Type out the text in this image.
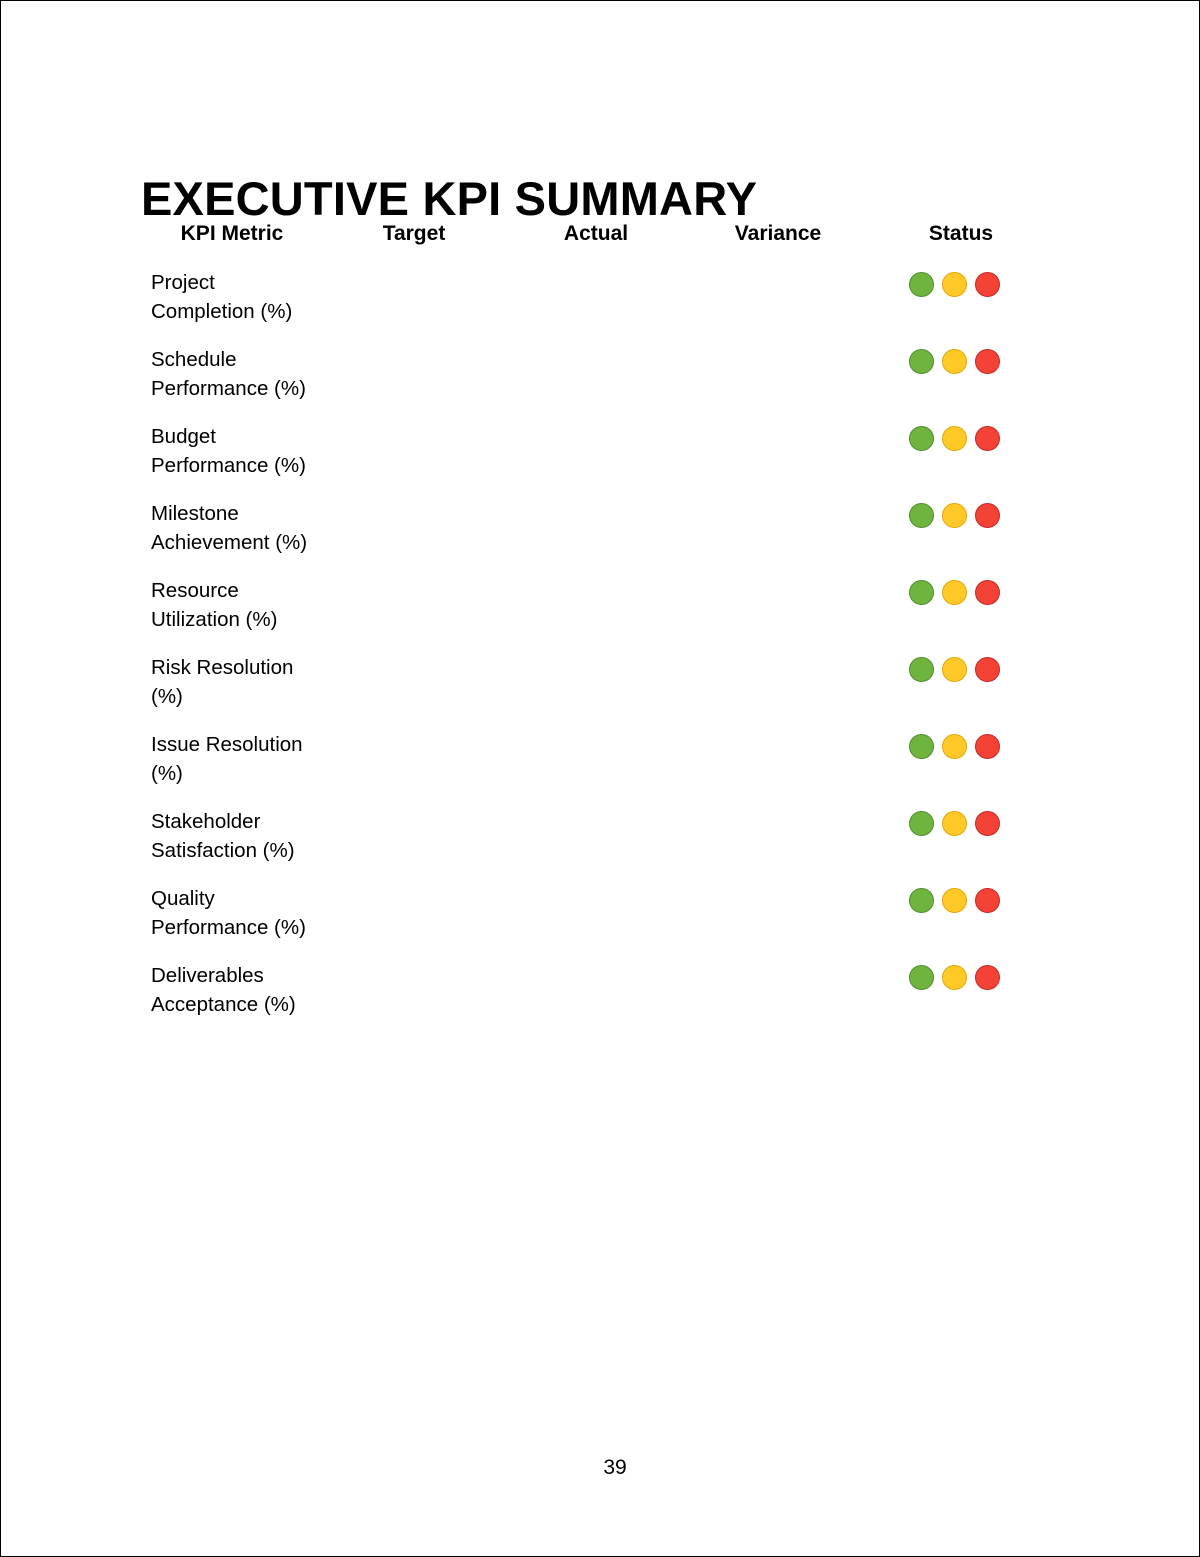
EXECUTIVE KPI SUMMARY
KPI Metric	Target	Actual	Variance	Status
Project Completion (%)				

Schedule Performance (%)				

Budget Performance (%)				

Milestone Achievement (%)				

Resource Utilization (%)				

Risk Resolution (%)				

Issue Resolution (%)				

Stakeholder Satisfaction (%)				

Quality Performance (%)				

Deliverables Acceptance (%)				
39
